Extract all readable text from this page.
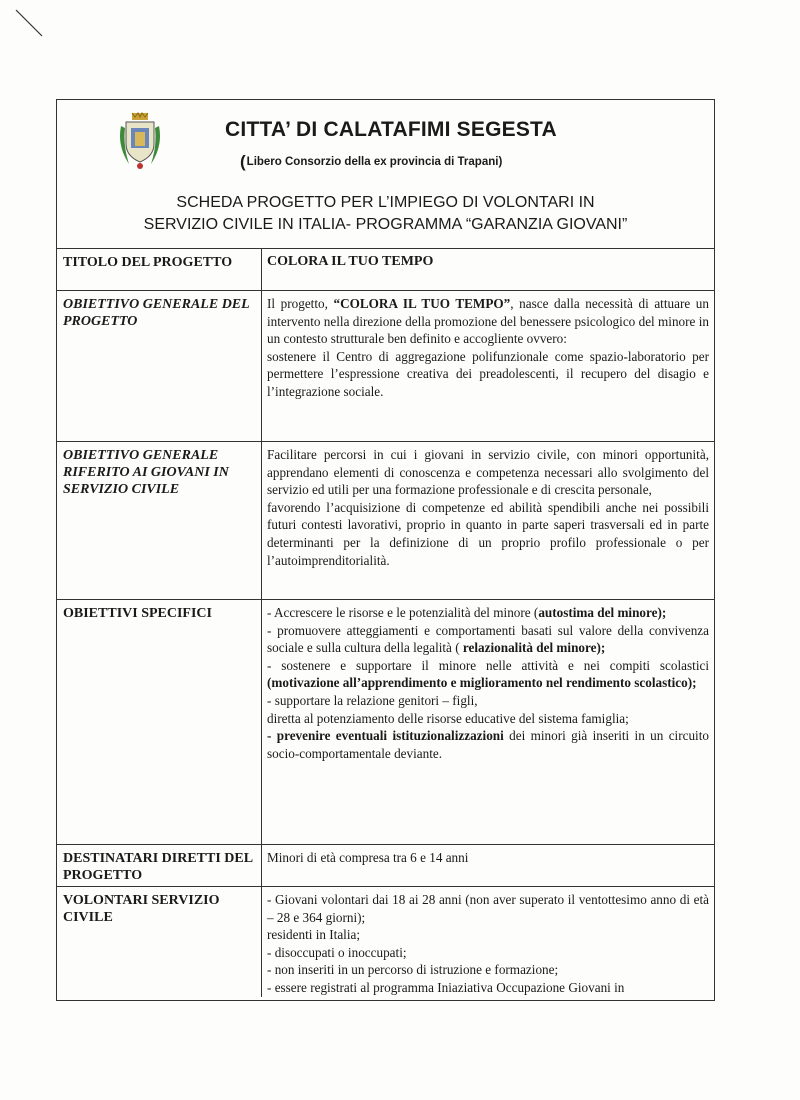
CITTA’ DI CALATAFIMI SEGESTA
(Libero Consorzio della ex provincia di Trapani)
SCHEDA PROGETTO PER L’IMPIEGO DI VOLONTARI IN
SERVIZIO CIVILE IN ITALIA- PROGRAMMA “GARANZIA GIOVANI”
TITOLO DEL PROGETTO	COLORA IL TUO TEMPO
OBIETTIVO GENERALE DEL PROGETTO

Il progetto, “COLORA IL TUO TEMPO”, nasce dalla necessità di attuare un intervento nella direzione della promozione del benessere psicologico del minore in un contesto strutturale ben definito e accogliente ovvero:

sostenere il Centro di aggregazione polifunzionale come spazio-laboratorio per permettere l’espressione creativa dei preadolescenti, il recupero del disagio e l’integrazione sociale.

OBIETTIVO GENERALE RIFERITO AI GIOVANI IN SERVIZIO CIVILE

Facilitare percorsi in cui i giovani in servizio civile, con minori opportunità, apprendano elementi di conoscenza e competenza necessari allo svolgimento del servizio ed utili per una formazione professionale e di crescita personale,

favorendo l’acquisizione di competenze ed abilità spendibili anche nei possibili futuri contesti lavorativi, proprio in quanto in parte saperi trasversali ed in parte determinanti per la definizione di un proprio profilo professionale o per l’autoimprenditorialità.

OBIETTIVI SPECIFICI	- Accrescere le risorse e le potenzialità del minore (autostima del minore);

- promuovere atteggiamenti e comportamenti basati sul valore della convivenza sociale e sulla cultura della legalità ( relazionalità del minore);

- sostenere e supportare il minore nelle attività e nei compiti scolastici (motivazione all’apprendimento e miglioramento nel rendimento scolastico);

- supportare la relazione genitori – figli,

diretta al potenziamento delle risorse educative del sistema famiglia;

- prevenire eventuali istituzionalizzazioni dei minori già inseriti in un circuito socio-comportamentale deviante.

DESTINATARI DIRETTI DEL PROGETTO
Minori di età compresa tra 6 e 14 anni
VOLONTARI SERVIZIO CIVILE

- Giovani volontari dai 18 ai 28 anni (non aver superato il ventottesimo anno di età – 28 e 364 giorni);

residenti in Italia;

- disoccupati o inoccupati;

- non inseriti in un percorso di istruzione e formazione;

- essere registrati al programma Iniaziativa Occupazione Giovani in
